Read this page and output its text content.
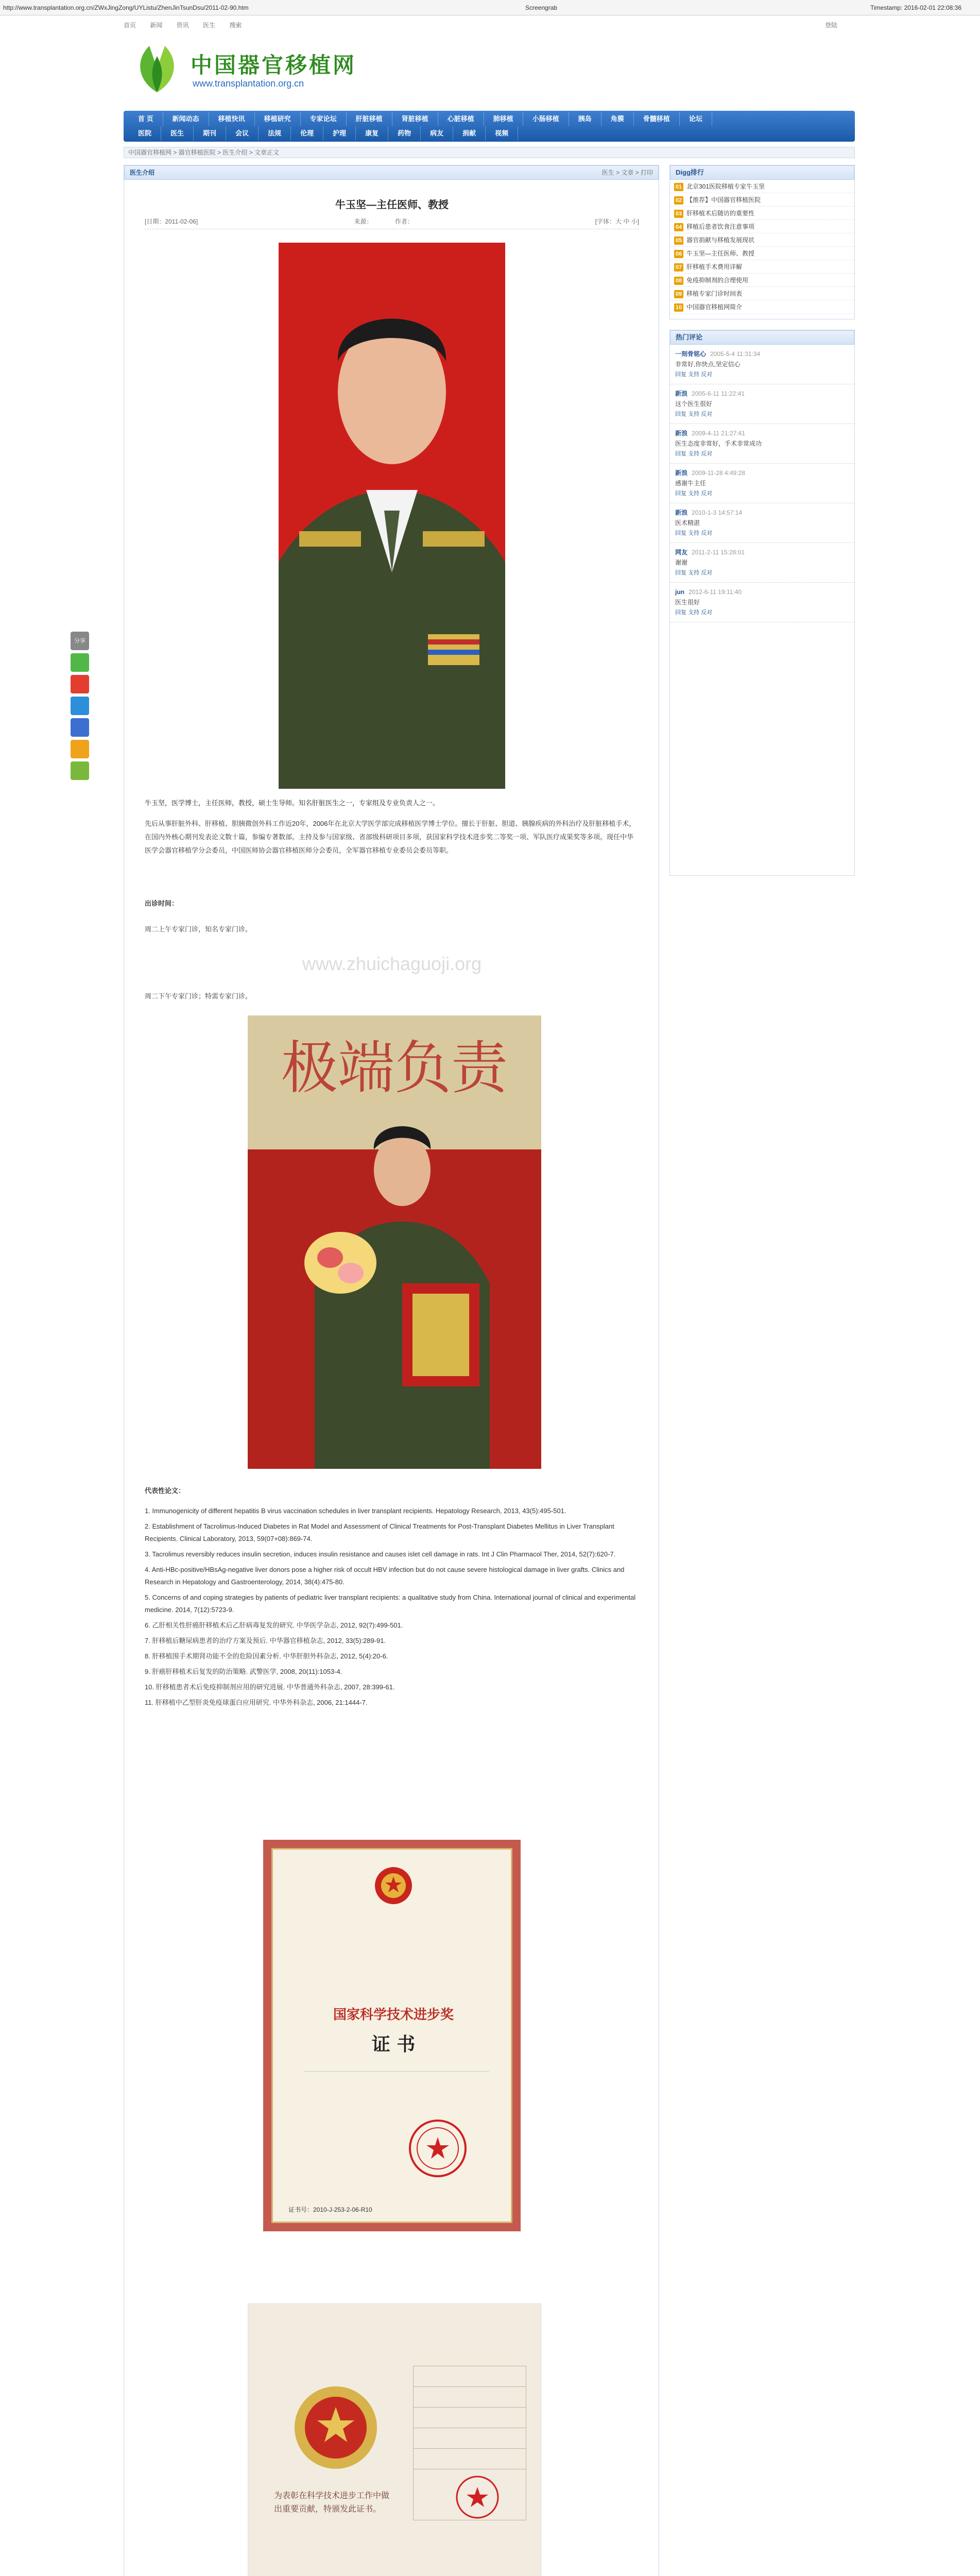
http://www.transplantation.org.cn/ZWxJingZong/UYListu/ZhenJinTsunDsu/2011-02-90.htm	Screengrab	Timestamp: 2016-02-01 22:08:36
首页 新闻 资讯 医生 搜索	登陆
中国器官移植网
www.transplantation.org.cn
首 页	新闻动态	移植快讯	移植研究	专家论坛	肝脏移植	肾脏移植	心脏移植	肺移植	小肠移植	胰岛	角膜	骨髓移植	论坛
医院	医生	期刊	会议	法规	伦理	护理	康复	药物	病友	捐献	视频
中国器官移植网 > 器官移植医院 > 医生介绍 > 文章正文
医生介绍	医生 > 文章 > 打印
牛玉坚—主任医师、教授
[日期：2011-02-06]	来源：	作者：	[字体：大 中 小]
牛玉坚，医学博士，主任医师，教授，硕士生导师。知名肝脏医生之一，专家组及专业负责人之一。
先后从事肝脏外科、肝移植、胆胰微创外科工作近20年，2006年在北京大学医学部完成移植医学博士学位。擅长于肝脏、胆道、胰腺疾病的外科治疗及肝脏移植手术，在国内外核心期刊发表论文数十篇，参编专著数部。主持及参与国家级、省部级科研项目多项，获国家科学技术进步奖二等奖一项、军队医疗成果奖等多项。现任中华医学会器官移植学分会委员，中国医师协会器官移植医师分会委员，全军器官移植专业委员会委员等职。
出诊时间：
周二上午专家门诊，知名专家门诊。
www.zhuichaguoji.org
周二下午专家门诊；特需专家门诊。
极端负责
代表性论文：
1. Immunogenicity of different hepatitis B virus vaccination schedules in liver transplant recipients. Hepatology Research, 2013, 43(5):495-501.
2. Establishment of Tacrolimus-Induced Diabetes in Rat Model and Assessment of Clinical Treatments for Post-Transplant Diabetes Mellitus in Liver Transplant Recipients. Clinical Laboratory, 2013, 59(07+08):869-74.
3. Tacrolimus reversibly reduces insulin secretion, induces insulin resistance and causes islet cell damage in rats. Int J Clin Pharmacol Ther, 2014, 52(7):620-7.
4. Anti-HBc-positive/HBsAg-negative liver donors pose a higher risk of occult HBV infection but do not cause severe histological damage in liver grafts. Clinics and Research in Hepatology and Gastroenterology, 2014, 38(4):475-80.
5. Concerns of and coping strategies by patients of pediatric liver transplant recipients: a qualitative study from China. International journal of clinical and experimental medicine. 2014, 7(12):5723-9.
6. 乙肝相关性肝癌肝移植术后乙肝病毒复发的研究. 中华医学杂志, 2012, 92(7):499-501.
7. 肝移植后糖尿病患者的治疗方案及预后. 中华器官移植杂志, 2012, 33(5):289-91.
8. 肝移植围手术期肾功能不全的危险因素分析. 中华肝胆外科杂志, 2012, 5(4):20-6.
9. 肝癌肝移植术后复发的防治策略. 武警医学, 2008, 20(11):1053-4.
10. 肝移植患者术后免疫抑制剂应用的研究进展. 中华普通外科杂志, 2007, 28:399-61.
11. 肝移植中乙型肝炎免疫球蛋白应用研究. 中华外科杂志, 2006, 21:1444-7.
国家科学技术进步奖
证 书
证书号：2010-J-253-2-06-R10
为表彰在科学技术进步工作中做出重要贡献，特颁发此证书。

Digg排行
01 北京301医院移植专家牛玉坚
02 【推荐】中国器官移植医院
03 肝移植术后随访的重要性
04 移植后患者饮食注意事项
05 器官捐献与移植发展现状
06 牛玉坚—主任医师、教授
07 肝移植手术费用详解
08 免疫抑制剂的合理使用
09 移植专家门诊时间表
10 中国器官移植网简介
热门评论
一刻骨铭心 2005-5-4 11:31:34
非常好,你快点,坚定信心
回复 支持 反对
新浪 2005-6-11 11:22:41
这个医生很好
回复 支持 反对
新浪 2009-4-11 21:27:41
医生态度非常好，手术非常成功
回复 支持 反对
新浪 2009-11-28 4:49:28
感谢牛主任
回复 支持 反对
新浪 2010-1-3 14:57:14
医术精湛
回复 支持 反对
网友 2011-2-11 15:28:01
谢谢
回复 支持 反对
jun 2012-6-11 19:11:40
医生很好
回复 支持 反对
分享
